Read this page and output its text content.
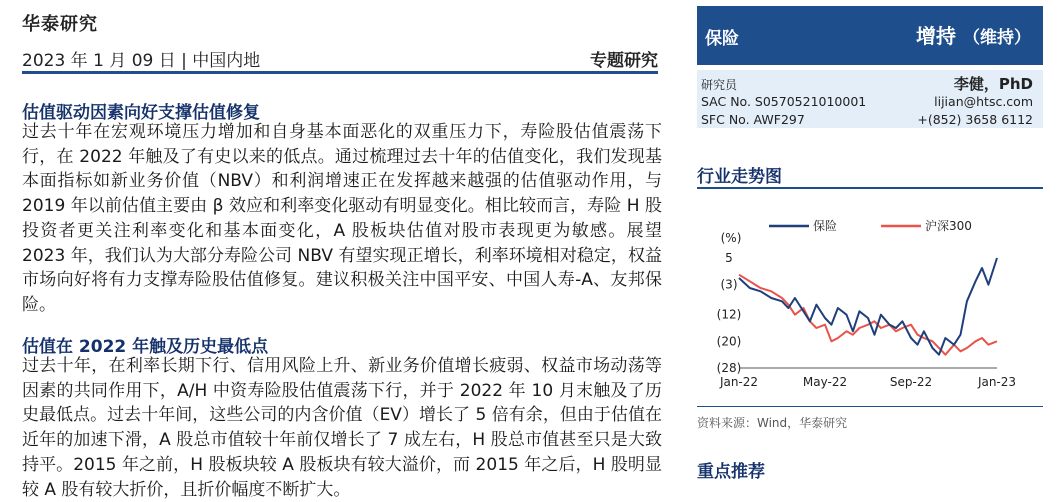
华泰研究
2023 年 1 月 09 日 | 中国内地	专题研究
估值驱动因素向好支撑估值修复
过去十年在宏观环境压力增加和自身基本面恶化的双重压力下，寿险股估值震荡下行，在 2022 年触及了有史以来的低点。通过梳理过去十年的估值变化，我们发现基本面指标如新业务价值（NBV）和利润增速正在发挥越来越强的估值驱动作用，与 2019 年以前估值主要由 β 效应和利率变化驱动有明显变化。相比较而言，寿险 H 股投资者更关注利率变化和基本面变化，A 股板块估值对股市表现更为敏感。展望 2023 年，我们认为大部分寿险公司 NBV 有望实现正增长，利率环境相对稳定，权益市场向好将有力支撑寿险股估值修复。建议积极关注中国平安、中国人寿-A、友邦保险。
估值在 2022 年触及历史最低点
过去十年，在利率长期下行、信用风险上升、新业务价值增长疲弱、权益市场动荡等因素的共同作用下，A/H 中资寿险股估值震荡下行，并于 2022 年 10 月末触及了历史最低点。过去十年间，这些公司的内含价值（EV）增长了 5 倍有余，但由于估值在近年的加速下滑，A 股总市值较十年前仅增长了 7 成左右，H 股总市值甚至只是大致持平。2015 年之前，H 股板块较 A 股板块有较大溢价，而 2015 年之后，H 股明显较 A 股有较大折价，且折价幅度不断扩大。
保险	增持 （维持）
研究员	李健，PhD
SAC No. S0570521010001	lijian@htsc.com
SFC No. AWF297	+(852) 3658 6112
行业走势图
保险	沪深300
(%)
5
(3)
(12)
(20)
(28)
Jan-22	May-22	Sep-22	Jan-23
资料来源：Wind，华泰研究
重点推荐
